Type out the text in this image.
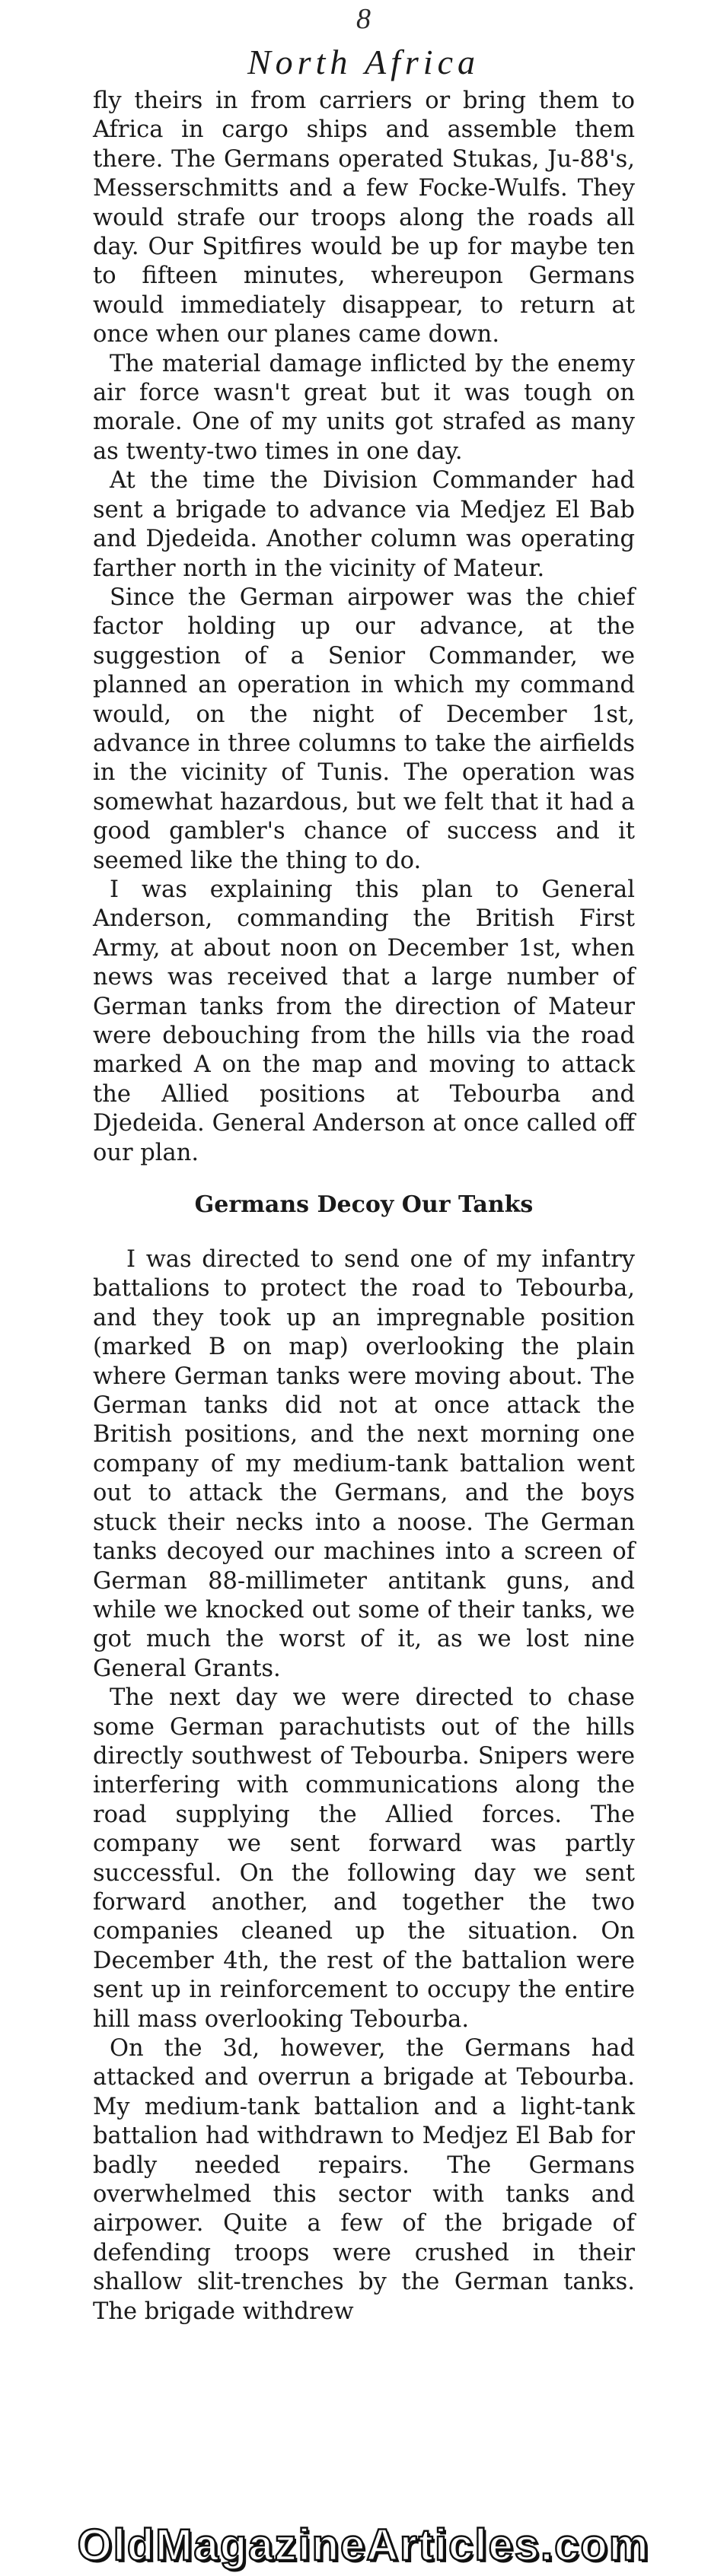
8
North Africa

fly theirs in from carriers or bring them to Africa in cargo ships and assemble them there. The Germans operated Stukas, Ju-88's, Messerschmitts and a few Focke-Wulfs. They would strafe our troops along the roads all day. Our Spitfires would be up for maybe ten to fifteen minutes, whereupon Germans would immediately disappear, to return at once when our planes came down.

The material damage inflicted by the enemy air force wasn't great but it was tough on morale. One of my units got strafed as many as twenty-two times in one day.

At the time the Division Commander had sent a brigade to advance via Medjez El Bab and Djedeida. Another column was operating farther north in the vicinity of Mateur.

Since the German airpower was the chief factor holding up our advance, at the suggestion of a Senior Commander, we planned an operation in which my command would, on the night of December 1st, advance in three columns to take the airfields in the vicinity of Tunis. The operation was somewhat hazardous, but we felt that it had a good gambler's chance of success and it seemed like the thing to do.

I was explaining this plan to General Anderson, commanding the British First Army, at about noon on December 1st, when news was received that a large number of German tanks from the direction of Mateur were debouching from the hills via the road marked A on the map and moving to attack the Allied positions at Tebourba and Djedeida. General Anderson at once called off our plan.

Germans Decoy Our Tanks

I was directed to send one of my infantry battalions to protect the road to Tebourba, and they took up an impregnable position (marked B on map) overlooking the plain where German tanks were moving about. The German tanks did not at once attack the British positions, and the next morning one company of my medium-tank battalion went out to attack the Germans, and the boys stuck their necks into a noose. The German tanks decoyed our machines into a screen of German 88-millimeter antitank guns, and while we knocked out some of their tanks, we got much the worst of it, as we lost nine General Grants.

The next day we were directed to chase some German parachutists out of the hills directly southwest of Tebourba. Snipers were interfering with communications along the road supplying the Allied forces. The company we sent forward was partly successful. On the following day we sent forward another, and together the two companies cleaned up the situation. On December 4th, the rest of the battalion were sent up in reinforcement to occupy the entire hill mass overlooking Tebourba.

On the 3d, however, the Germans had attacked and overrun a brigade at Tebourba. My medium-tank battalion and a light-tank battalion had withdrawn to Medjez El Bab for badly needed repairs. The Germans overwhelmed this sector with tanks and airpower. Quite a few of the brigade of defending troops were crushed in their shallow slit-trenches by the German tanks. The brigade withdrew

OldMagazineArticles.com
